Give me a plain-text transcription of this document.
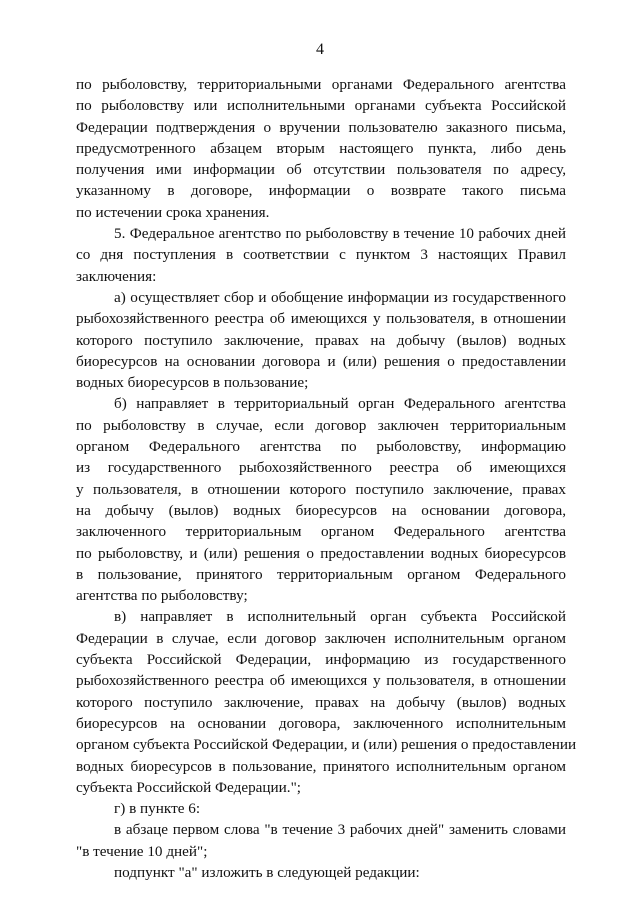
4
по рыболовству, территориальными органами Федерального агентства
по рыболовству или исполнительными органами субъекта Российской
Федерации подтверждения о вручении пользователю заказного письма,
предусмотренного абзацем вторым настоящего пункта, либо день
получения ими информации об отсутствии пользователя по адресу,
указанному в договоре, информации о возврате такого письма
по истечении срока хранения.
5. Федеральное агентство по рыболовству в течение 10 рабочих дней
со дня поступления в соответствии с пунктом 3 настоящих Правил
заключения:
а) осуществляет сбор и обобщение информации из государственного
рыбохозяйственного реестра об имеющихся у пользователя, в отношении
которого поступило заключение, правах на добычу (вылов) водных
биоресурсов на основании договора и (или) решения о предоставлении
водных биоресурсов в пользование;
б) направляет в территориальный орган Федерального агентства
по рыболовству в случае, если договор заключен территориальным
органом Федерального агентства по рыболовству, информацию
из государственного рыбохозяйственного реестра об имеющихся
у пользователя, в отношении которого поступило заключение, правах
на добычу (вылов) водных биоресурсов на основании договора,
заключенного территориальным органом Федерального агентства
по рыболовству, и (или) решения о предоставлении водных биоресурсов
в пользование, принятого территориальным органом Федерального
агентства по рыболовству;
в) направляет в исполнительный орган субъекта Российской
Федерации в случае, если договор заключен исполнительным органом
субъекта Российской Федерации, информацию из государственного
рыбохозяйственного реестра об имеющихся у пользователя, в отношении
которого поступило заключение, правах на добычу (вылов) водных
биоресурсов на основании договора, заключенного исполнительным
органом субъекта Российской Федерации, и (или) решения о предоставлении
водных биоресурсов в пользование, принятого исполнительным органом
субъекта Российской Федерации.";
г) в пункте 6:
в абзаце первом слова "в течение 3 рабочих дней" заменить словами
"в течение 10 дней";
подпункт "а" изложить в следующей редакции:
